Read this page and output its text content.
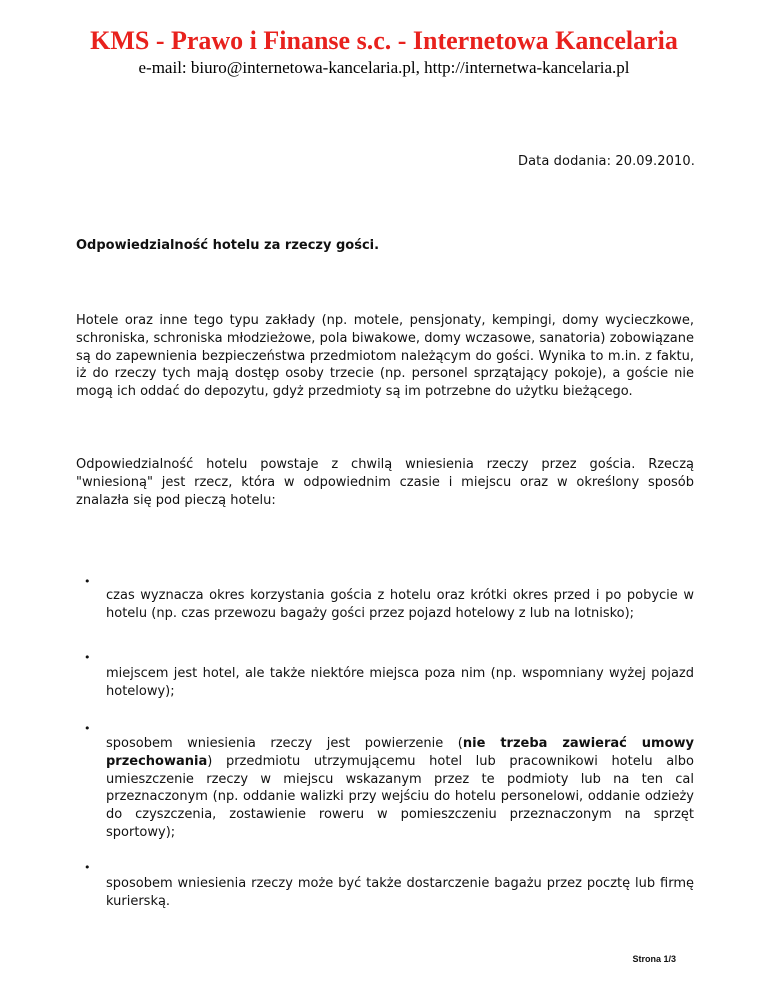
KMS - Prawo i Finanse s.c. - Internetowa Kancelaria
e-mail: biuro@internetowa-kancelaria.pl, http://internetwa-kancelaria.pl
Data dodania: 20.09.2010.
Odpowiedzialność hotelu za rzeczy gości.
Hotele oraz inne tego typu zakłady (np. motele, pensjonaty, kempingi, domy wycieczkowe, schroniska, schroniska młodzieżowe, pola biwakowe, domy wczasowe, sanatoria) zobowiązane są do zapewnienia bezpieczeństwa przedmiotom należącym do gości. Wynika to m.in. z faktu, iż do rzeczy tych mają dostęp osoby trzecie (np. personel sprzątający pokoje), a goście nie mogą ich oddać do depozytu, gdyż przedmioty są im potrzebne do użytku bieżącego.
Odpowiedzialność hotelu powstaje z chwilą wniesienia rzeczy przez gościa. Rzeczą "wniesioną" jest rzecz, która w odpowiednim czasie i miejscu oraz w określony sposób znalazła się pod pieczą hotelu:
•
czas wyznacza okres korzystania gościa z hotelu oraz krótki okres przed i po pobycie w hotelu (np. czas przewozu bagaży gości przez pojazd hotelowy z lub na lotnisko);
•
miejscem jest hotel, ale także niektóre miejsca poza nim (np. wspomniany wyżej pojazd hotelowy);
•
sposobem wniesienia rzeczy jest powierzenie (nie trzeba zawierać umowy przechowania) przedmiotu utrzymującemu hotel lub pracownikowi hotelu albo umieszczenie rzeczy w miejscu wskazanym przez te podmioty lub na ten cal przeznaczonym (np. oddanie walizki przy wejściu do hotelu personelowi, oddanie odzieży do czyszczenia, zostawienie roweru w pomieszczeniu przeznaczonym na sprzęt sportowy);
•
sposobem wniesienia rzeczy może być także dostarczenie bagażu przez pocztę lub firmę kurierską.
Strona 1/3
